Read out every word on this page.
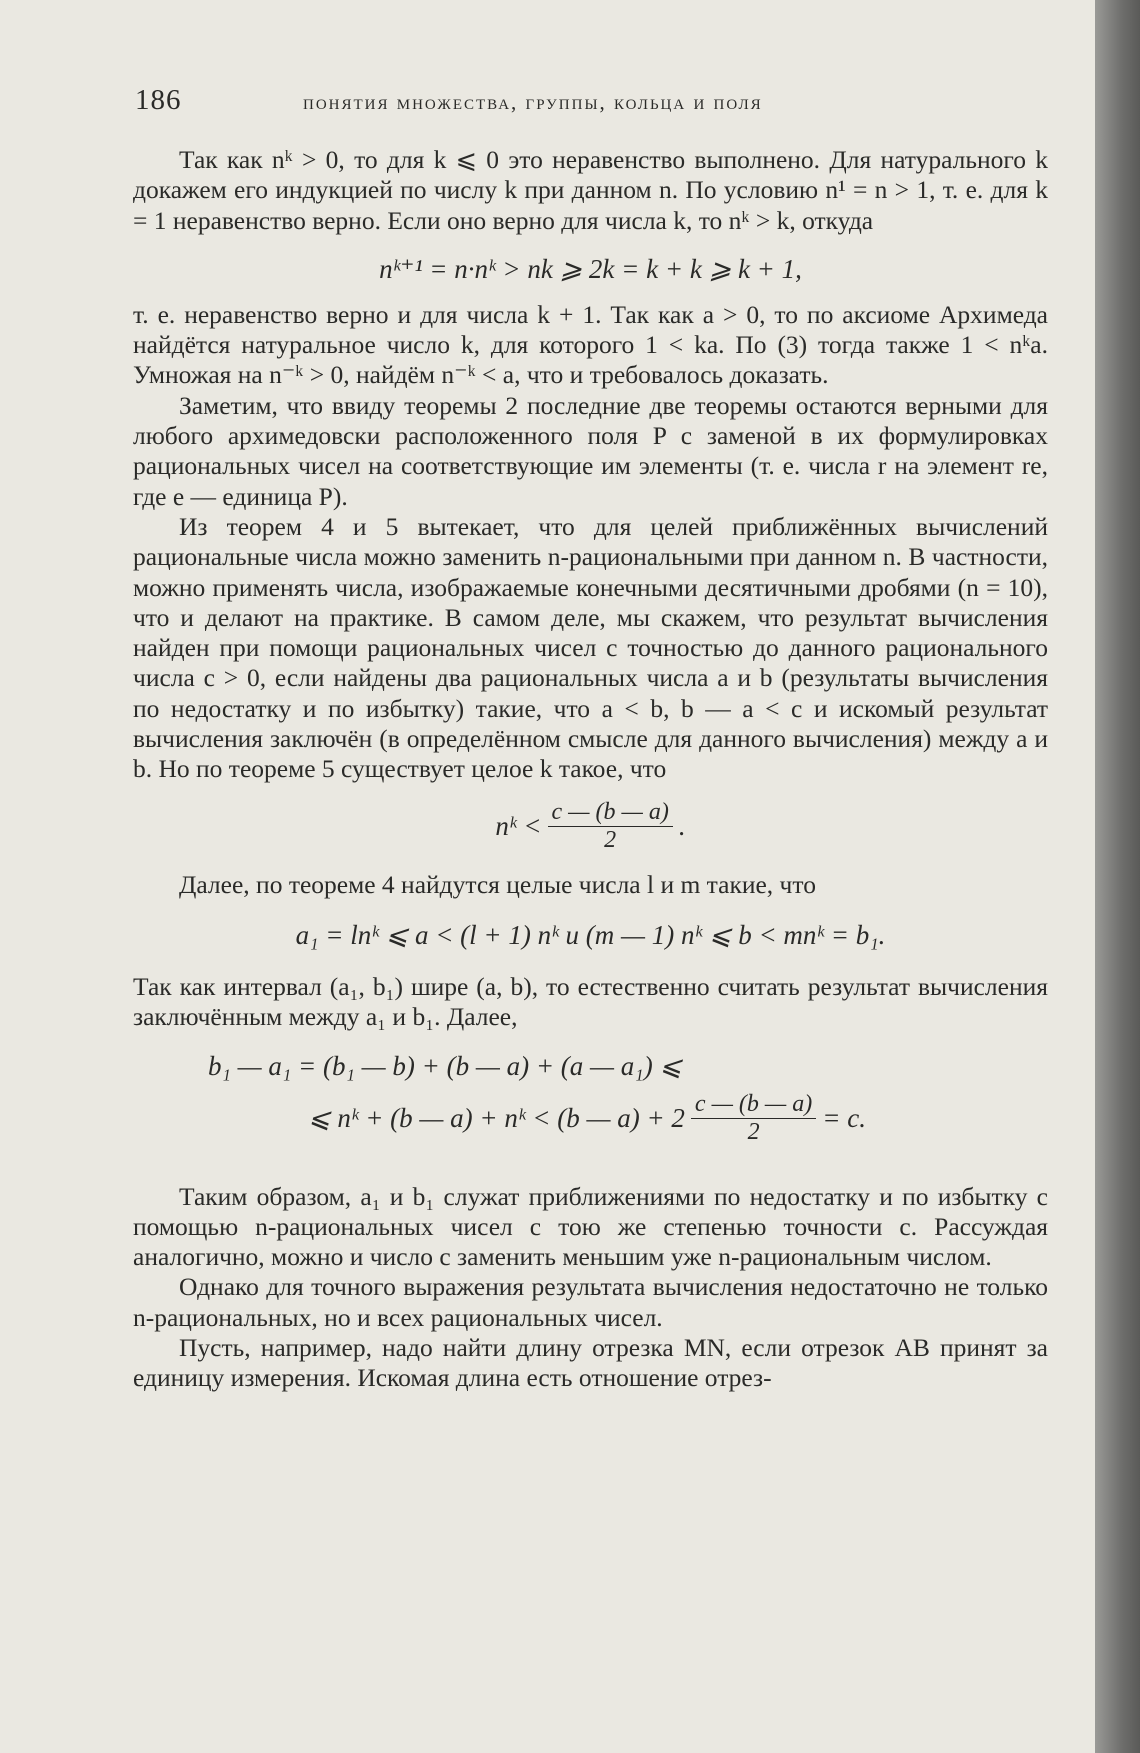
186	понятия множества, группы, кольца и поля

Так как nᵏ > 0, то для k ⩽ 0 это неравенство выполнено. Для натурального k докажем его индукцией по числу k при данном n. По условию n¹ = n > 1, т. е. для k = 1 неравенство верно. Если оно верно для числа k, то nᵏ > k, откуда

nᵏ⁺¹ = n·nᵏ > nk ⩾ 2k = k + k ⩾ k + 1,

т. е. неравенство верно и для числа k + 1. Так как a > 0, то по аксиоме Архимеда найдётся натуральное число k, для которого 1 < ka. По (3) тогда также 1 < nᵏa. Умножая на n⁻ᵏ > 0, найдём n⁻ᵏ < a, что и требовалось доказать.

Заметим, что ввиду теоремы 2 последние две теоремы остаются верными для любого архимедовски расположенного поля P с заменой в их формулировках рациональных чисел на соответствующие им элементы (т. е. числа r на элемент re, где e — единица P).

Из теорем 4 и 5 вытекает, что для целей приближённых вычислений рациональные числа можно заменить n-рациональными при данном n. В частности, можно применять числа, изображаемые конечными десятичными дробями (n = 10), что и делают на практике. В самом деле, мы скажем, что результат вычисления найден при помощи рациональных чисел с точностью до данного рационального числа c > 0, если найдены два рациональных числа a и b (результаты вычисления по недостатку и по избытку) такие, что a < b, b — a < c и искомый результат вычисления заключён (в определённом смысле для данного вычисления) между a и b. Но по теореме 5 существует целое k такое, что

nᵏ < $\frac{c — (b — a)}{2}$ .

Далее, по теореме 4 найдутся целые числа l и m такие, что

a₁ = lnᵏ ⩽ a < (l + 1) nᵏ и (m — 1) nᵏ ⩽ b < mnᵏ = b₁.

Так как интервал (a₁, b₁) шире (a, b), то естественно считать результат вычисления заключённым между a₁ и b₁. Далее,

b₁ — a₁ = (b₁ — b) + (b — a) + (a — a₁) ⩽
⩽ nᵏ + (b — a) + nᵏ < (b — $a) + 2 \frac{c — (b — a)}{2} = c$.

Таким образом, a₁ и b₁ служат приближениями по недостатку и по избытку с помощью n-рациональных чисел с тою же степенью точности c. Рассуждая аналогично, можно и число c заменить меньшим уже n-рациональным числом.

Однако для точного выражения результата вычисления недостаточно не только n-рациональных, но и всех рациональных чисел.

Пусть, например, надо найти длину отрезка MN, если отрезок AB принят за единицу измерения. Искомая длина есть отношение отрез-
